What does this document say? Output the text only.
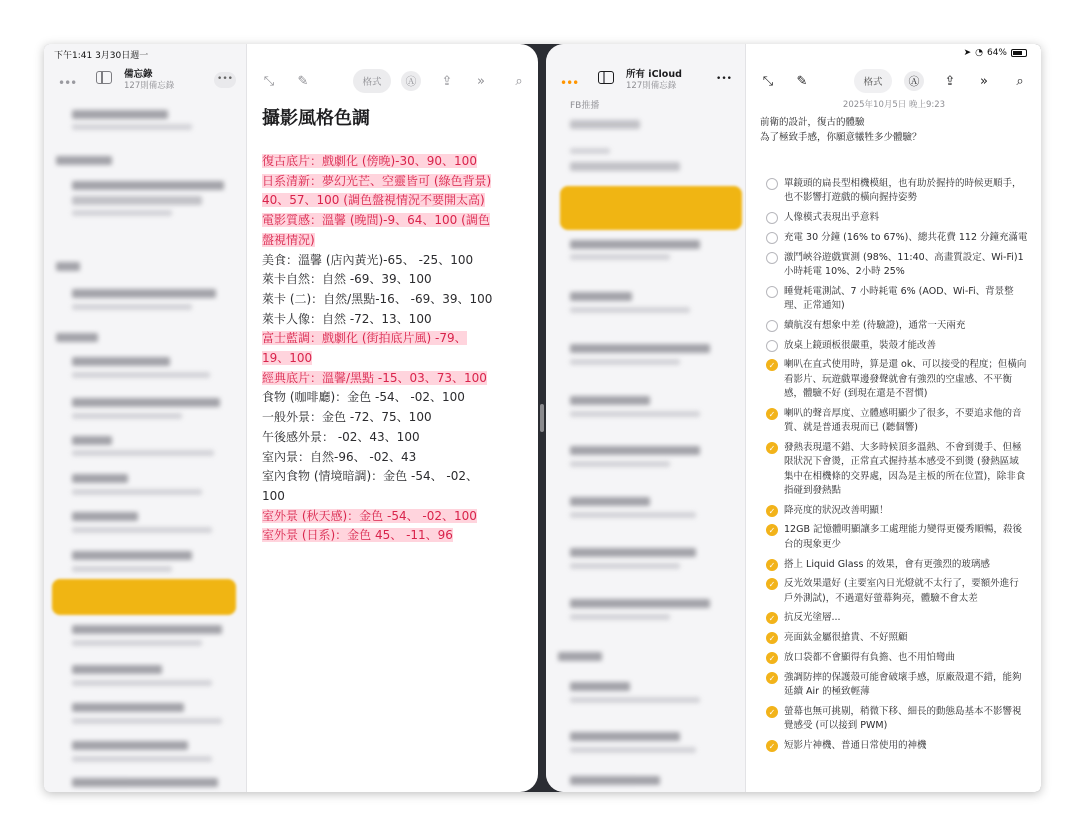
下午1:41 3月30日週一	➤ ◔ 64%
•••
備忘錄
127則備忘錄
•••	⤡	✎	格式	Ⓐ	⇪	»	⌕
攝影風格色調
復古底片：戲劇化 (傍晚)-30、90、100
日系清新：夢幻光芒、空靈皆可 (綠色背景)
40、57、100 (調色盤視情況不要開太高)
電影質感：溫馨 (晚間)-9、64、100 (調色
盤視情況)
美食：溫馨 (店內黃光)-65、 -25、100
萊卡自然：自然 -69、39、100
萊卡 (二)：自然/黑點-16、 -69、39、100
萊卡人像：自然 -72、13、100
富士藍調：戲劇化 (街拍底片風) -79、
19、100
經典底片：溫馨/黑點 -15、03、73、100
食物 (咖啡廳)：金色 -54、 -02、100
一般外景：金色 -72、75、100
午後感外景： -02、43、100
室內景：自然-96、 -02、43
室內食物 (情境暗調)：金色 -54、 -02、
100
室外景 (秋天感)：金色 -54、 -02、100
室外景 (日系)：金色 45、 -11、96
•••
所有 iCloud
127則備忘錄
•••
FB推播
⤡	✎	格式	Ⓐ	⇪	»	⌕
2025年10月5日 晚上9:23
前衛的設計，復古的體驗
為了極致手感，你願意犧牲多少體驗？
單鏡頭的扁長型相機模組，也有助於握持的時候更順手，也不影響打遊戲的橫向握持姿勢
人像模式表現出乎意料
充電 30 分鐘 (16% to 67%)、總共花費 112 分鐘充滿電
激鬥峽谷遊戲實測 (98%、11:40、高畫質設定、Wi-Fi)1小時耗電 10%、2小時 25%
睡覺耗電測試、7 小時耗電 6% (AOD、Wi-Fi、背景整理、正常通知)
續航沒有想象中差 (待驗證)，通常一天兩充
放桌上鏡頭板很嚴重，裝殼才能改善
✓ 喇叭在直式使用時，算是還 ok、可以接受的程度；但橫向看影片、玩遊戲單邊發聲就會有強烈的空虛感、不平衡感，體驗不好 (到現在還是不習慣)
✓ 喇叭的聲音厚度、立體感明顯少了很多，不要追求他的音質、就是普通表現而已 (聽個響)
✓ 發熱表現還不錯、大多時候頂多溫熱、不會到燙手、但極限狀況下會燙，正常直式握持基本感受不到燙 (發熱區域集中在相機條的交界處，因為是主板的所在位置)，除非食指碰到發熱點
✓ 降亮度的狀況改善明顯！
✓ 12GB 記憶體明顯讓多工處理能力變得更優秀順暢，殺後台的現象更少
✓ 搭上 Liquid Glass 的效果，會有更強烈的玻璃感
✓ 反光效果還好 (主要室內日光燈就不太行了，要額外進行戶外測試)，不過還好螢幕夠亮，體驗不會太差
✓ 抗反光塗層...
✓ 亮面鈦金屬很搶貴、不好照顧
✓ 放口袋都不會顯得有負擔、也不用怕彎曲
✓ 強調防摔的保護殼可能會破壞手感，原廠殼還不錯，能夠延續 Air 的極致輕薄
✓ 螢幕也無可挑剔，稍微下移、細長的動態島基本不影響視覺感受 (可以接到 PWM)
✓ 短影片神機、普通日常使用的神機
